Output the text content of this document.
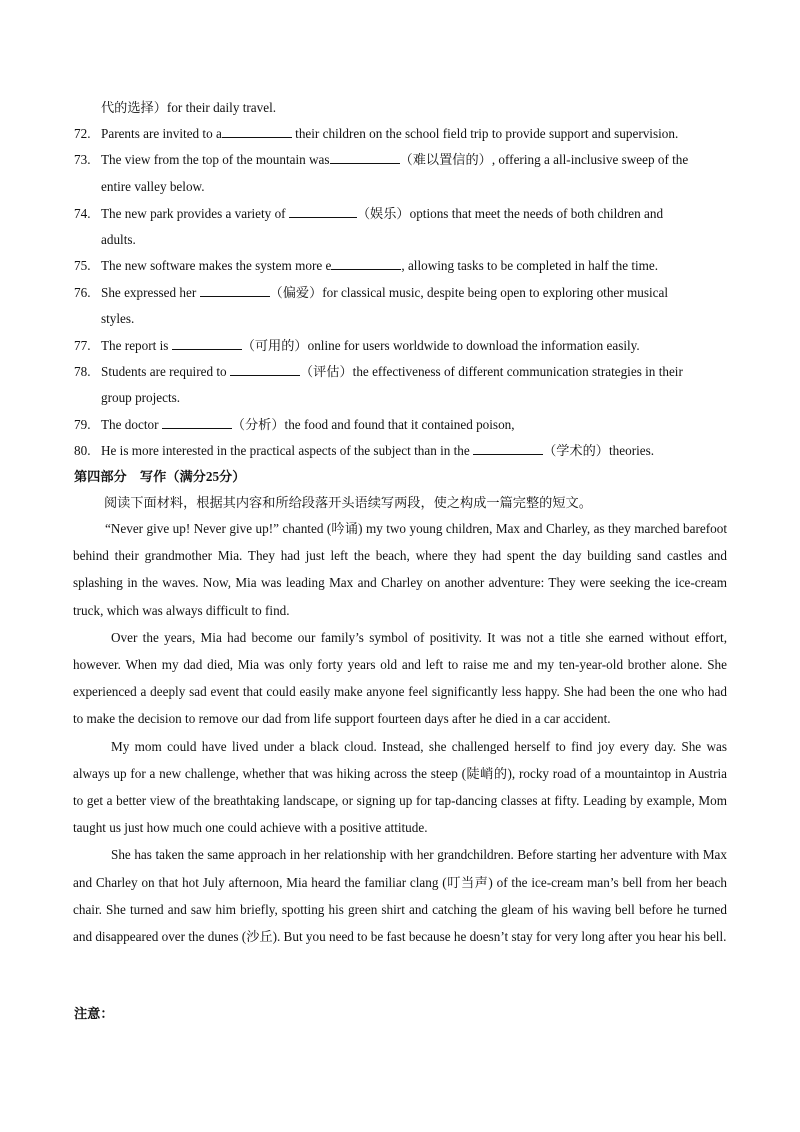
代的选择）for their daily travel.
72. Parents are invited to a	their children on the school field trip to provide support and supervision.
73. The view from the top of the mountain was	（难以置信的）, offering a all-inclusive sweep of the
entire valley below.
74. The new park provides a variety of	（娱乐）options that meet the needs of both children and
adults.
75. The new software makes the system more e	, allowing tasks to be completed in half the time.
76. She expressed her	（偏爱）for classical music, despite being open to exploring other musical
styles.
77. The report is	（可用的）online for users worldwide to download the information easily.
78. Students are required to	（评估）the effectiveness of different communication strategies in their
group projects.
79. The doctor	（分析）the food and found that it contained poison,
80. He is more interested in the practical aspects of the subject than in the	（学术的）theories.
第四部分　写作（满分25分）
阅读下面材料，根据其内容和所给段落开头语续写两段，使之构成一篇完整的短文。

“Never give up! Never give up!” chanted (吟诵) my two young children, Max and Charley, as they marched barefoot behind their grandmother Mia. They had just left the beach, where they had spent the day building sand castles and splashing in the waves. Now, Mia was leading Max and Charley on another adventure: They were seeking the ice-cream truck, which was always difficult to find.

Over the years, Mia had become our family’s symbol of positivity. It was not a title she earned without effort, however. When my dad died, Mia was only forty years old and left to raise me and my ten-year-old brother alone. She experienced a deeply sad event that could easily make anyone feel significantly less happy. She had been the one who had to make the decision to remove our dad from life support fourteen days after he died in a car accident.

My mom could have lived under a black cloud. Instead, she challenged herself to find joy every day. She was always up for a new challenge, whether that was hiking across the steep (陡峭的), rocky road of a mountaintop in Austria to get a better view of the breathtaking landscape, or signing up for tap-dancing classes at fifty. Leading by example, Mom taught us just how much one could achieve with a positive attitude.

She has taken the same approach in her relationship with her grandchildren. Before starting her adventure with Max and Charley on that hot July afternoon, Mia heard the familiar clang (叮当声) of the ice-cream man’s bell from her beach chair. She turned and saw him briefly, spotting his green shirt and catching the gleam of his waving bell before he turned and disappeared over the dunes (沙丘). But you need to be fast because he doesn’t stay for very long after you hear his bell.

注意：
